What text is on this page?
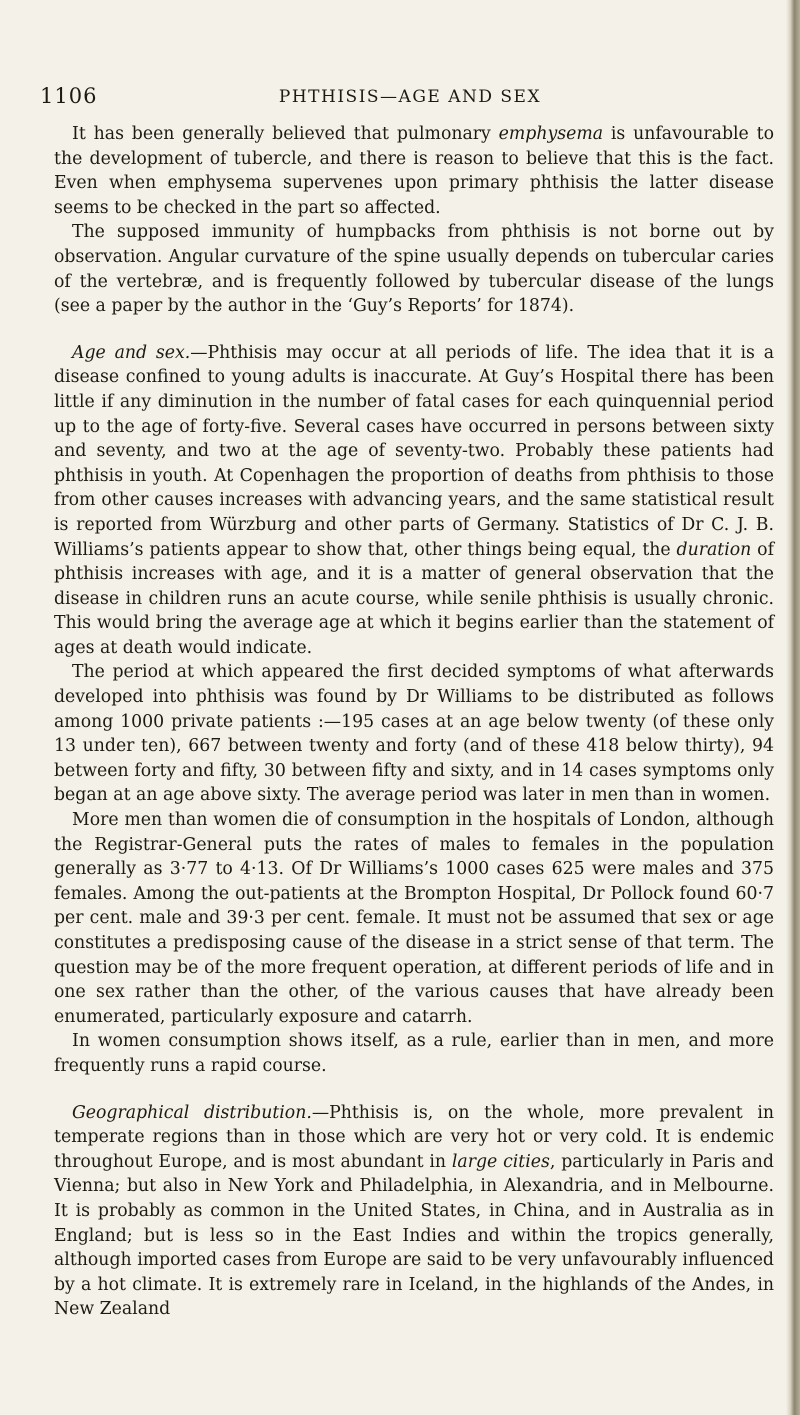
1106	PHTHISIS—AGE AND SEX

It has been generally believed that pulmonary emphysema is unfavourable to the development of tubercle, and there is reason to believe that this is the fact. Even when emphysema supervenes upon primary phthisis the latter disease seems to be checked in the part so affected.

The supposed immunity of humpbacks from phthisis is not borne out by observation. Angular curvature of the spine usually depends on tubercular caries of the vertebræ, and is frequently followed by tubercular disease of the lungs (see a paper by the author in the ‘Guy’s Reports’ for 1874).

Age and sex.—Phthisis may occur at all periods of life. The idea that it is a disease confined to young adults is inaccurate. At Guy’s Hospital there has been little if any diminution in the number of fatal cases for each quinquennial period up to the age of forty-five. Several cases have occurred in persons between sixty and seventy, and two at the age of seventy-two. Probably these patients had phthisis in youth. At Copenhagen the proportion of deaths from phthisis to those from other causes increases with advancing years, and the same statistical result is reported from Würzburg and other parts of Germany. Statistics of Dr C. J. B. Williams’s patients appear to show that, other things being equal, the duration of phthisis increases with age, and it is a matter of general observation that the disease in children runs an acute course, while senile phthisis is usually chronic. This would bring the average age at which it begins earlier than the statement of ages at death would indicate.

The period at which appeared the first decided symptoms of what afterwards developed into phthisis was found by Dr Williams to be distributed as follows among 1000 private patients :—195 cases at an age below twenty (of these only 13 under ten), 667 between twenty and forty (and of these 418 below thirty), 94 between forty and fifty, 30 between fifty and sixty, and in 14 cases symptoms only began at an age above sixty. The average period was later in men than in women.

More men than women die of consumption in the hospitals of London, although the Registrar-General puts the rates of males to females in the population generally as 3·77 to 4·13. Of Dr Williams’s 1000 cases 625 were males and 375 females. Among the out-patients at the Brompton Hospital, Dr Pollock found 60·7 per cent. male and 39·3 per cent. female. It must not be assumed that sex or age constitutes a predisposing cause of the disease in a strict sense of that term. The question may be of the more frequent operation, at different periods of life and in one sex rather than the other, of the various causes that have already been enumerated, particularly exposure and catarrh.

In women consumption shows itself, as a rule, earlier than in men, and more frequently runs a rapid course.

Geographical distribution.—Phthisis is, on the whole, more prevalent in temperate regions than in those which are very hot or very cold. It is endemic throughout Europe, and is most abundant in large cities, particularly in Paris and Vienna; but also in New York and Philadelphia, in Alexandria, and in Melbourne. It is probably as common in the United States, in China, and in Australia as in England; but is less so in the East Indies and within the tropics generally, although imported cases from Europe are said to be very unfavourably influenced by a hot climate. It is extremely rare in Iceland, in the highlands of the Andes, in New Zealand
